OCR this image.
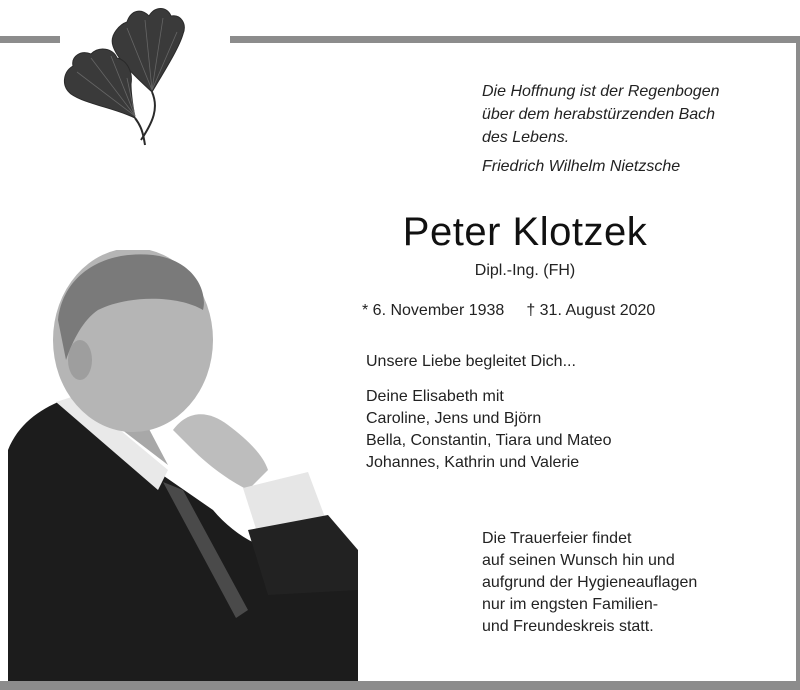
Die Hoffnung ist der Regenbogen
über dem herabstürzenden Bach
des Lebens.
Friedrich Wilhelm Nietzsche
Peter Klotzek
Dipl.-Ing. (FH)
* 6. November 1938 † 31. August 2020
Unsere Liebe begleitet Dich...
Deine Elisabeth mit
Caroline, Jens und Björn
Bella, Constantin, Tiara und Mateo
Johannes, Kathrin und Valerie
Die Trauerfeier findet
auf seinen Wunsch hin und
aufgrund der Hygieneauflagen
nur im engsten Familien-
und Freundeskreis statt.
